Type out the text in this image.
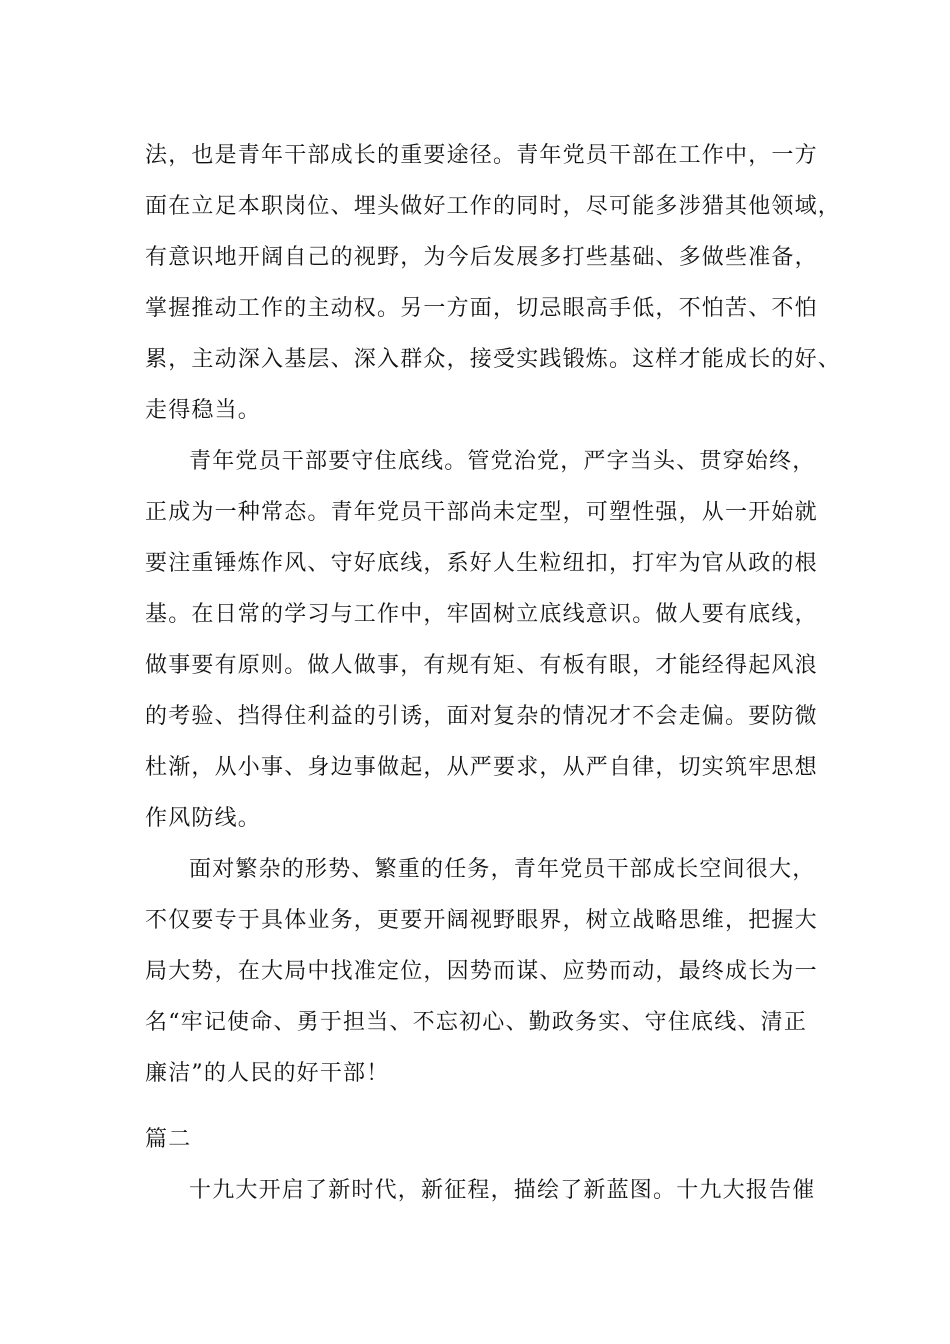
法，也是青年干部成长的重要途径。青年党员干部在工作中，一方
面在立足本职岗位、埋头做好工作的同时，尽可能多涉猎其他领域，
有意识地开阔自己的视野，为今后发展多打些基础、多做些准备，
掌握推动工作的主动权。另一方面，切忌眼高手低，不怕苦、不怕
累，主动深入基层、深入群众，接受实践锻炼。这样才能成长的好、
走得稳当。
青年党员干部要守住底线。管党治党，严字当头、贯穿始终，
正成为一种常态。青年党员干部尚未定型，可塑性强，从一开始就
要注重锤炼作风、守好底线，系好人生粒纽扣，打牢为官从政的根
基。在日常的学习与工作中，牢固树立底线意识。做人要有底线，
做事要有原则。做人做事，有规有矩、有板有眼，才能经得起风浪
的考验、挡得住利益的引诱，面对复杂的情况才不会走偏。要防微
杜渐，从小事、身边事做起，从严要求，从严自律，切实筑牢思想
作风防线。
面对繁杂的形势、繁重的任务，青年党员干部成长空间很大，
不仅要专于具体业务，更要开阔视野眼界，树立战略思维，把握大
局大势，在大局中找准定位，因势而谋、应势而动，最终成长为一
名“牢记使命、勇于担当、不忘初心、勤政务实、守住底线、清正
廉洁”的人民的好干部！
篇二
十九大开启了新时代，新征程，描绘了新蓝图。十九大报告催
